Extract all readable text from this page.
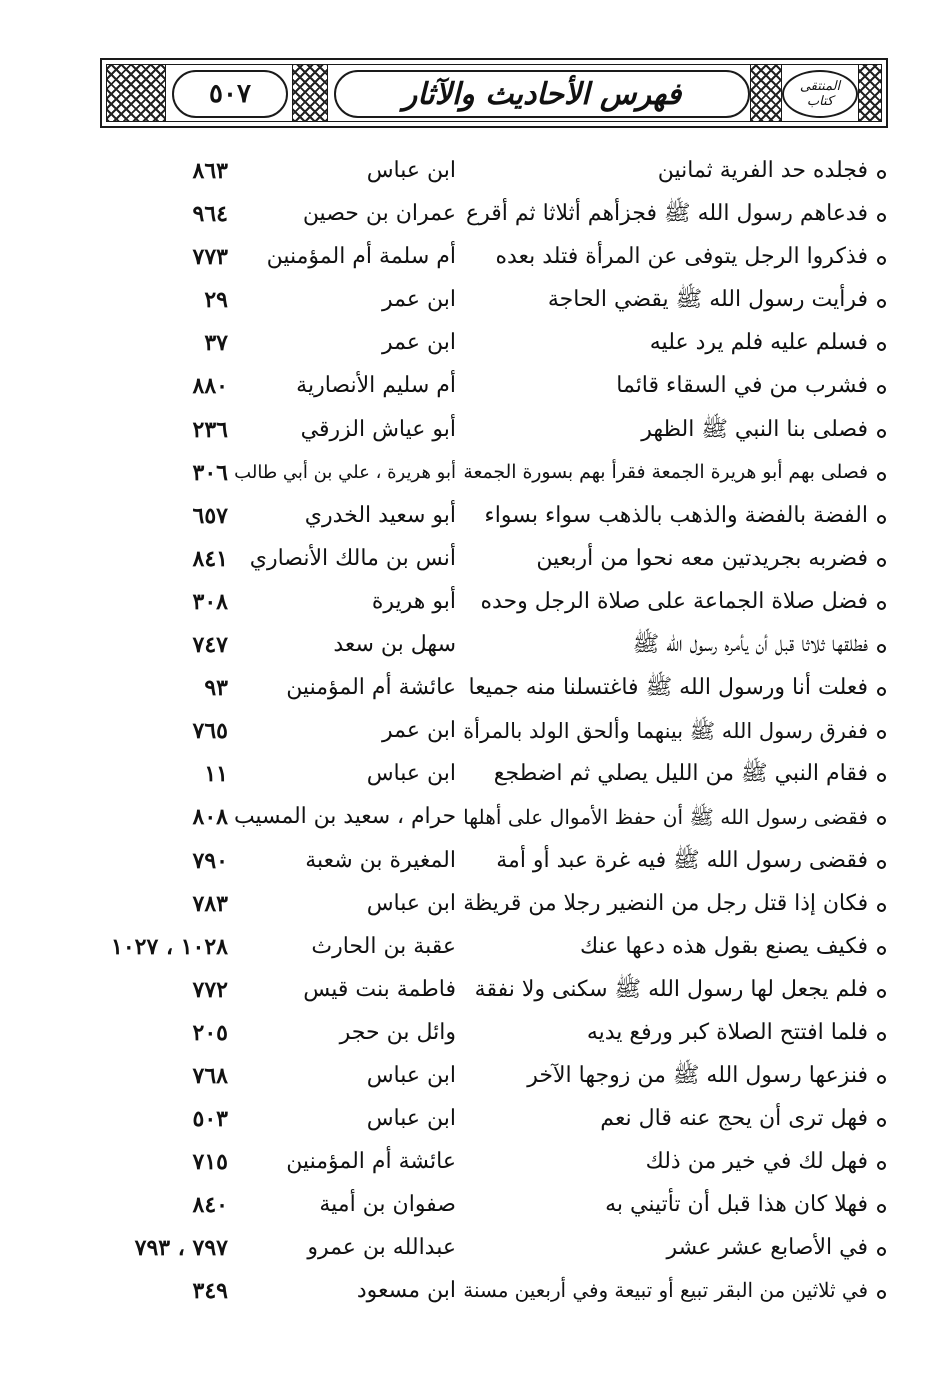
٥٠٧	فهرس الأحاديث والآثار	المنتقى
كتاب
فجلده حد الفرية ثمانين
ابن عباس
٨٦٣
فدعاهم رسول الله ﷺ فجزأهم أثلاثا ثم أقرع
عمران بن حصين
٩٦٤
فذكروا الرجل يتوفى عن المرأة فتلد بعده
أم سلمة أم المؤمنين
٧٧٣
فرأيت رسول الله ﷺ يقضي الحاجة
ابن عمر
٢٩
فسلم عليه فلم يرد عليه
ابن عمر
٣٧
فشرب من في السقاء قائما
أم سليم الأنصارية
٨٨٠
فصلى بنا النبي ﷺ الظهر
أبو عياش الزرقي
٢٣٦
فصلى بهم أبو هريرة الجمعة فقرأ بهم بسورة الجمعة
أبو هريرة ، علي بن أبي طالب
٣٠٦
الفضة بالفضة والذهب بالذهب سواء بسواء
أبو سعيد الخدري
٦٥٧
فضربه بجريدتين معه نحوا من أربعين
أنس بن مالك الأنصاري
٨٤١
فضل صلاة الجماعة على صلاة الرجل وحده
أبو هريرة
٣٠٨
فطلقها ثلاثا قبل أن يأمره رسول الله ﷺ
سهل بن سعد
٧٤٧
فعلت أنا ورسول الله ﷺ فاغتسلنا منه جميعا
عائشة أم المؤمنين
٩٣
ففرق رسول الله ﷺ بينهما وألحق الولد بالمرأة
ابن عمر
٧٦٥
فقام النبي ﷺ من الليل يصلي ثم اضطجع
ابن عباس
١١
فقضى رسول الله ﷺ أن حفظ الأموال على أهلها
حرام ، سعيد بن المسيب
٨٠٨
فقضى رسول الله ﷺ فيه غرة عبد أو أمة
المغيرة بن شعبة
٧٩٠
فكان إذا قتل رجل من النضير رجلا من قريظة
ابن عباس
٧٨٣
فكيف يصنع بقول هذه دعها عنك
عقبة بن الحارث
١٠٢٨ ، ١٠٢٧
فلم يجعل لها رسول الله ﷺ سكنى ولا نفقة
فاطمة بنت قيس
٧٧٢
فلما افتتح الصلاة كبر ورفع يديه
وائل بن حجر
٢٠٥
فنزعها رسول الله ﷺ من زوجها الآخر
ابن عباس
٧٦٨
فهل ترى أن يحج عنه قال نعم
ابن عباس
٥٠٣
فهل لك في خير من ذلك
عائشة أم المؤمنين
٧١٥
فهلا كان هذا قبل أن تأتيني به
صفوان بن أمية
٨٤٠
في الأصابع عشر عشر
عبدالله بن عمرو
٧٩٧ ، ٧٩٣
في ثلاثين من البقر تبيع أو تبيعة وفي أربعين مسنة
ابن مسعود
٣٤٩
